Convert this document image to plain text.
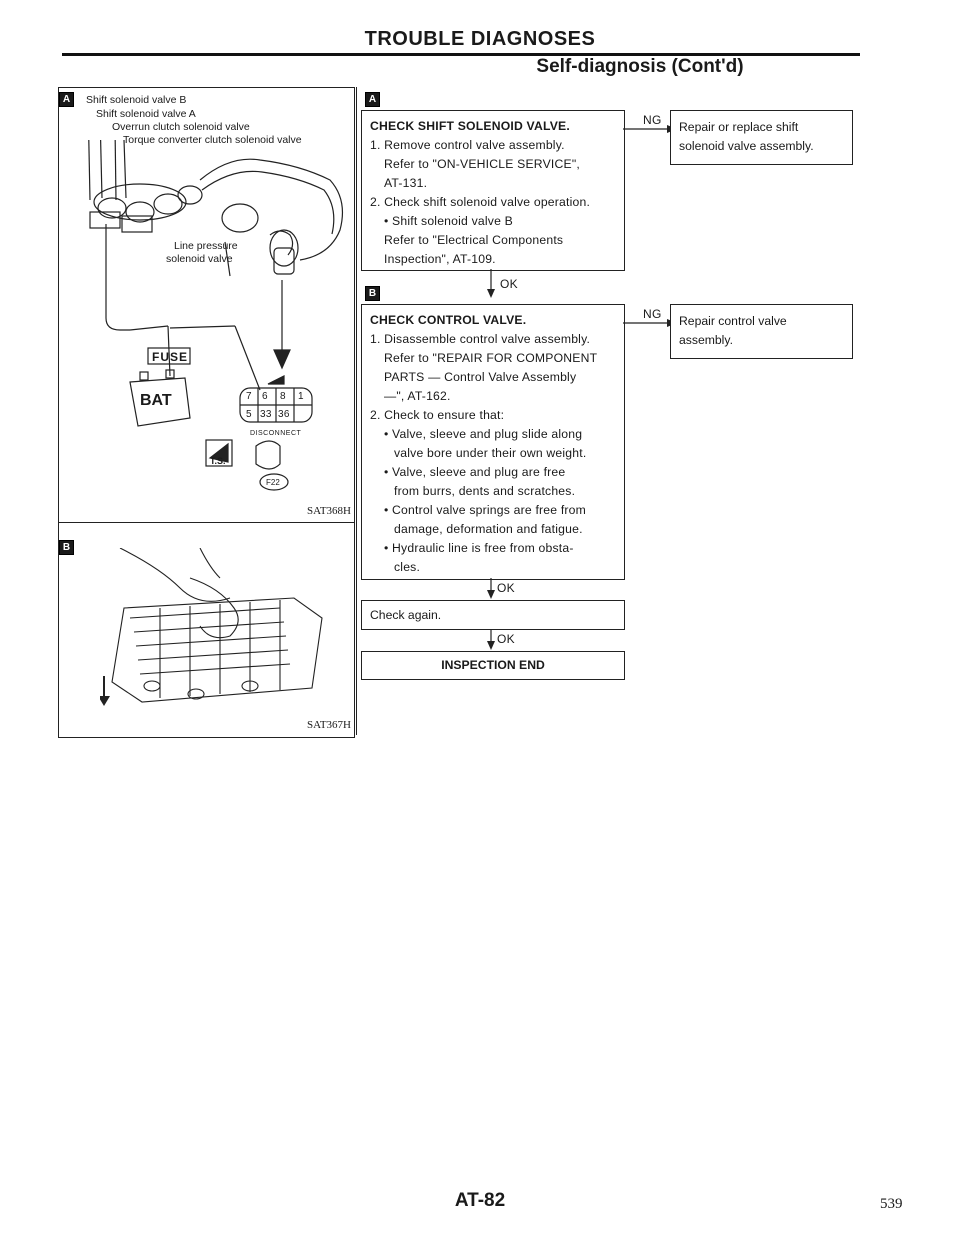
TROUBLE DIAGNOSES
Self-diagnosis (Cont'd)
A	Shift solenoid valve B
Shift solenoid valve A
Overrun clutch solenoid valve
Torque converter clutch solenoid valve
Line pressure
solenoid valve
FUSE
BAT	7 6 8 1
5 33 36
DISCONNECT
T.S.
F22
SAT368H
B
SAT367H
A
CHECK SHIFT SOLENOID VALVE.
1. Remove control valve assembly.
Refer to "ON-VEHICLE SERVICE",
AT-131.
2. Check shift solenoid valve operation.
• Shift solenoid valve B
Refer to "Electrical Components
Inspection", AT-109.
NG	Repair or replace shift solenoid valve assembly.
OK
B
CHECK CONTROL VALVE.
1. Disassemble control valve assembly.
Refer to "REPAIR FOR COMPONENT
PARTS — Control Valve Assembly
—", AT-162.
2. Check to ensure that:
• Valve, sleeve and plug slide along
valve bore under their own weight.
• Valve, sleeve and plug are free
from burrs, dents and scratches.
• Control valve springs are free from
damage, deformation and fatigue.
• Hydraulic line is free from obsta-
cles.
NG	Repair control valve assembly.
OK
Check again.
OK
INSPECTION END
AT-82	539
